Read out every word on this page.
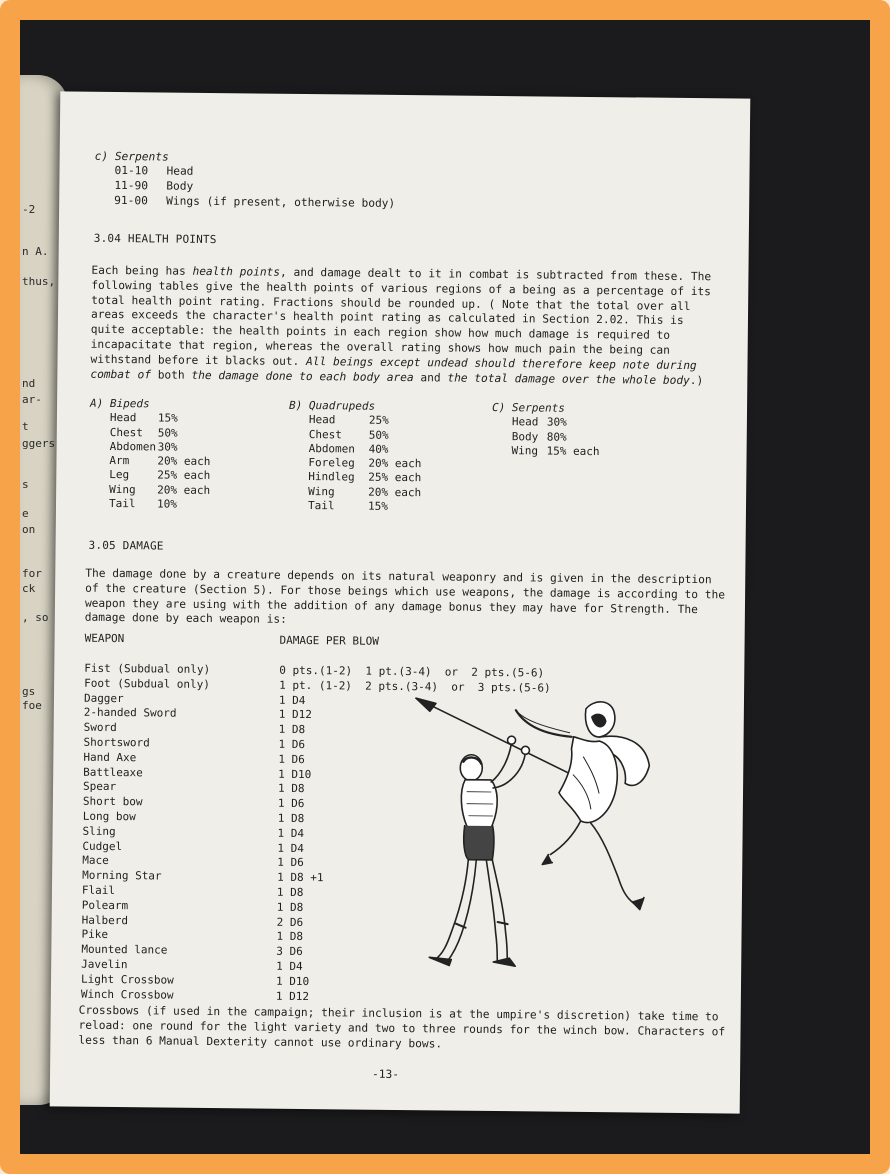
-2
n A.
thus,
nd
ar-
t
ggers
s
e
on
for
ck
, so
gs
foe
c) Serpents
01-10 Head
11-90 Body
91-00 Wings (if present, otherwise body)
3.04 HEALTH POINTS
Each being has health points, and damage dealt to it in combat is subtracted from these. The following tables give the health points of various regions of a being as a percentage of its total health point rating. Fractions should be rounded up. ( Note that the total over all areas exceeds the character's health point rating as calculated in Section 2.02. This is quite acceptable: the health points in each region show how much damage is required to incapacitate that region, whereas the overall rating shows how much pain the being can withstand before it blacks out. All beings except undead should therefore keep note during combat of both the damage done to each body area and the total damage over the whole body.)
A) Bipeds
Head 15%
Chest 50%
Abdomen 30%
Arm	20% each
Leg	25% each
Wing 20% each
Tail 10%
B) Quadrupeds
Head	25%
Chest 50%
Abdomen 40%
Foreleg 20% each
Hindleg 25% each
Wing	20% each
Tail	15%
C) Serpents
Head 30%
Body 80%
Wing 15% each
3.05 DAMAGE
The damage done by a creature depends on its natural weaponry and is given in the description of the creature (Section 5). For those beings which use weapons, the damage is according to the weapon they are using with the addition of any damage bonus they may have for Strength. The damage done by each weapon is:
WEAPON	DAMAGE PER BLOW
Fist (Subdual only)	0 pts.(1-2)  1 pt.(3-4)  or  2 pts.(5-6)
Foot (Subdual only)	1 pt. (1-2)  2 pts.(3-4)  or  3 pts.(5-6)
Dagger	1 D4
2-handed Sword	1 D12
Sword	1 D8
Shortsword	1 D6
Hand Axe	1 D6
Battleaxe	1 D10
Spear	1 D8
Short bow	1 D6
Long bow	1 D8
Sling	1 D4
Cudgel	1 D4
Mace	1 D6
Morning Star	1 D8 +1
Flail	1 D8
Polearm	1 D8
Halberd	2 D6
Pike	1 D8
Mounted lance	3 D6
Javelin	1 D4
Light Crossbow	1 D10
Winch Crossbow	1 D12
Crossbows (if used in the campaign; their inclusion is at the umpire's discretion) take time to reload: one round for the light variety and two to three rounds for the winch bow. Characters of less than 6 Manual Dexterity cannot use ordinary bows.
-13-
